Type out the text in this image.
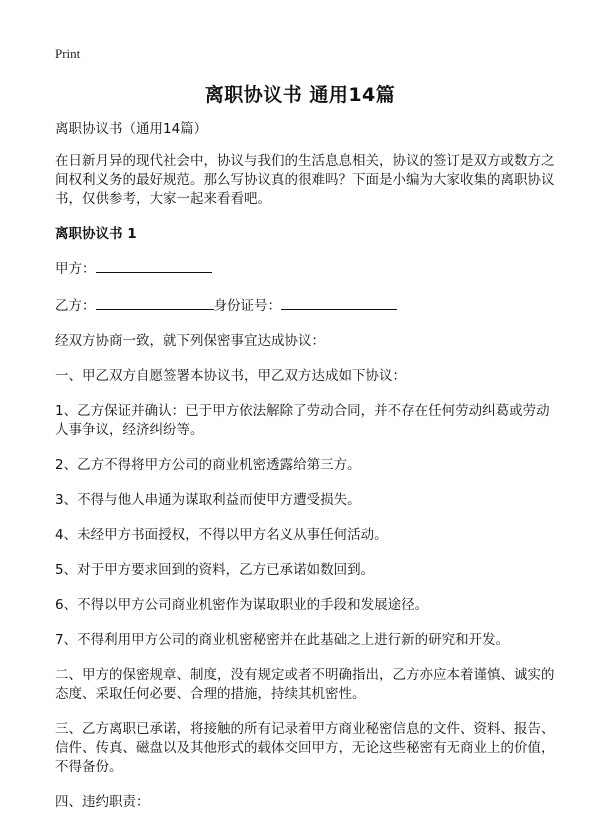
Print
离职协议书 通用14篇

离职协议书（通用14篇）

在日新月异的现代社会中，协议与我们的生活息息相关，协议的签订是双方或数方之间权利义务的最好规范。那么写协议真的很难吗？下面是小编为大家收集的离职协议书，仅供参考，大家一起来看看吧。

离职协议书 1

甲方：

乙方：	身份证号：

经双方协商一致，就下列保密事宜达成协议：

一、甲乙双方自愿签署本协议书，甲乙双方达成如下协议：

1、乙方保证并确认：已于甲方依法解除了劳动合同，并不存在任何劳动纠葛或劳动人事争议，经济纠纷等。

2、乙方不得将甲方公司的商业机密透露给第三方。

3、不得与他人串通为谋取利益而使甲方遭受损失。

4、未经甲方书面授权，不得以甲方名义从事任何活动。

5、对于甲方要求回到的资料，乙方已承诺如数回到。

6、不得以甲方公司商业机密作为谋取职业的手段和发展途径。

7、不得利用甲方公司的商业机密秘密并在此基础之上进行新的研究和开发。

二、甲方的保密规章、制度，没有规定或者不明确指出，乙方亦应本着谨慎、诚实的 态度、采取任何必要、合理的措施，持续其机密性。

三、乙方离职已承诺，将接触的所有记录着甲方商业秘密信息的文件、资料、报告、信件、传真、磁盘以及其他形式的载体交回甲方，无论这些秘密有无商业上的价值，不得备份。

四、违约职责：
